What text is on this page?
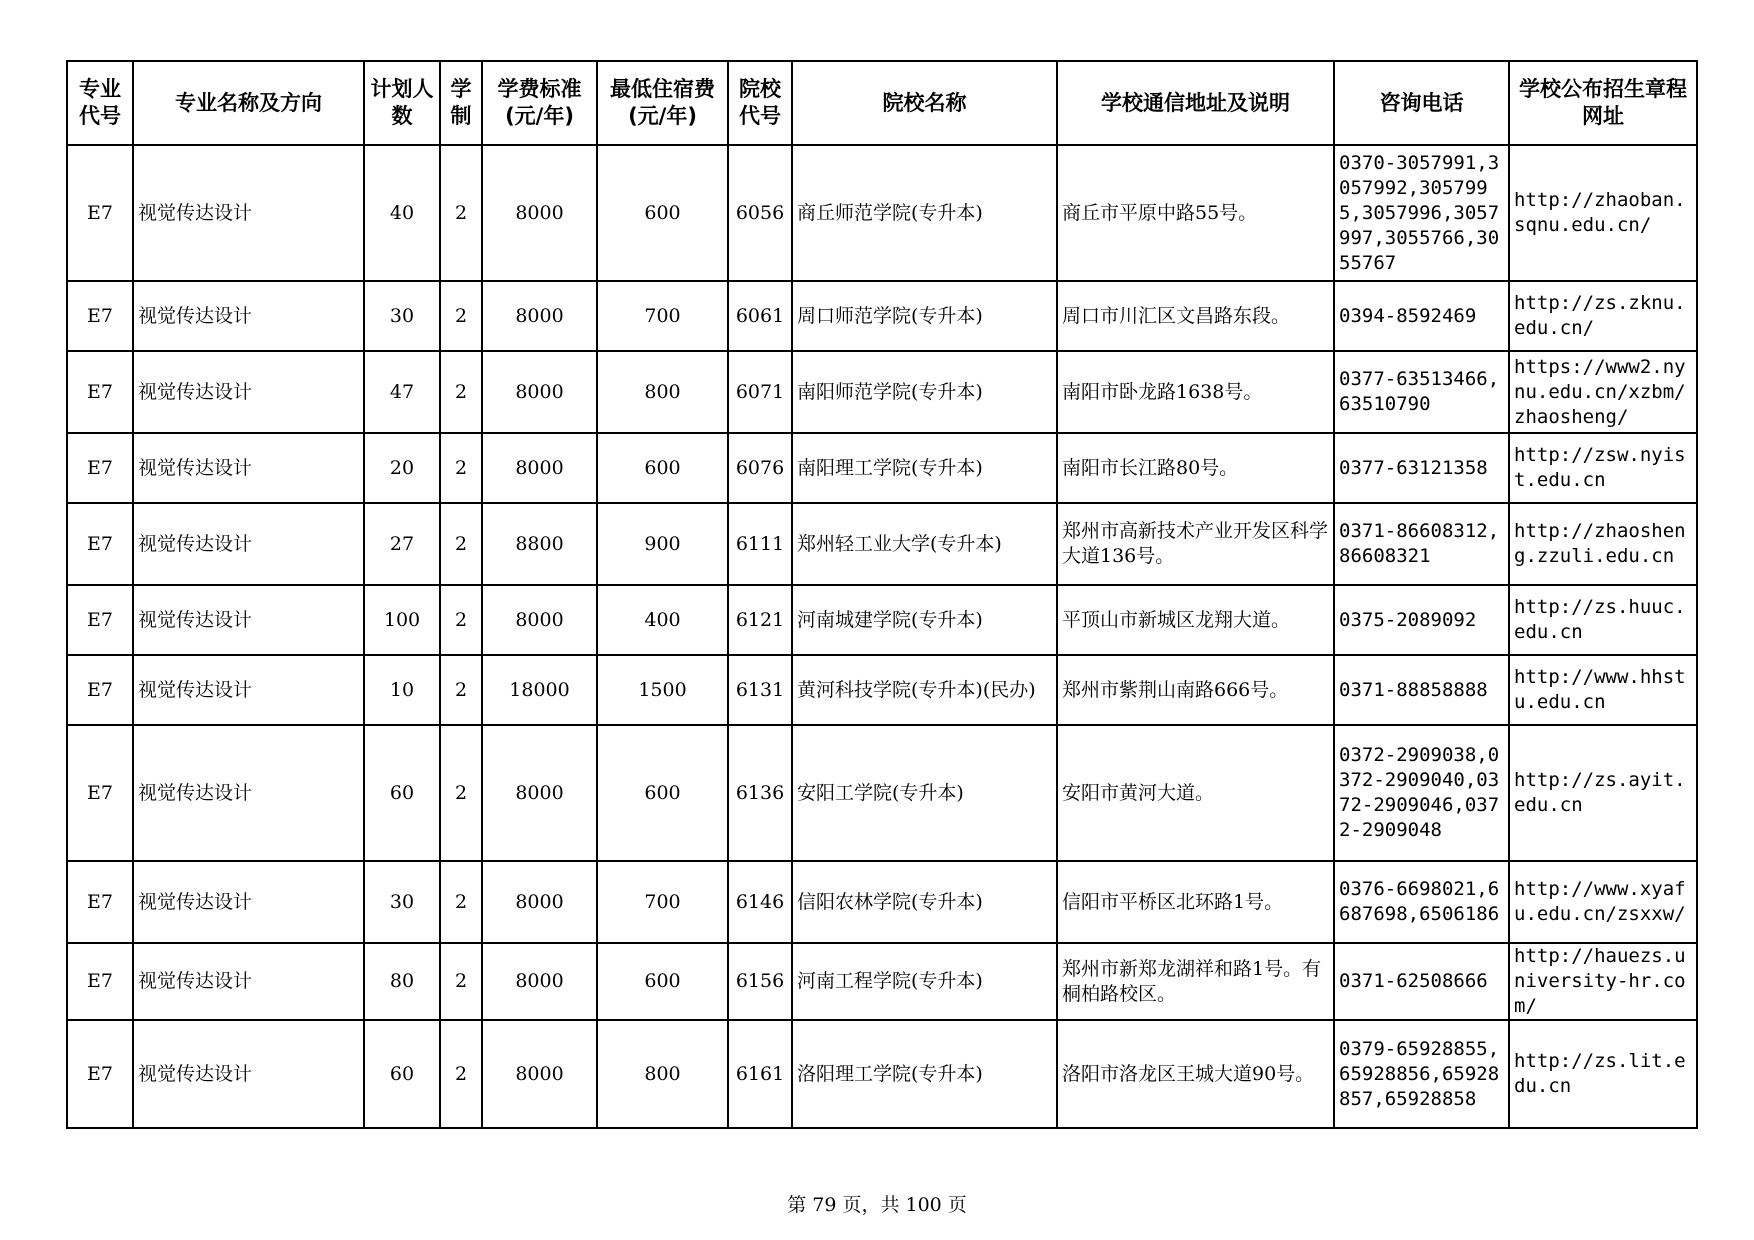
专业代号	专业名称及方向	计划人数	学制	学费标准(元/年)	最低住宿费(元/年)	院校代号	院校名称	学校通信地址及说明	咨询电话	学校公布招生章程网址
E7	视觉传达设计	40	2	8000	600	6056	商丘师范学院(专升本)	商丘市平原中路55号。	0370-3057991,3057992,3057995,3057996,3057997,3055766,3055767	http://zhaoban.sqnu.edu.cn/
E7	视觉传达设计	30	2	8000	700	6061	周口师范学院(专升本)	周口市川汇区文昌路东段。	0394-8592469	http://zs.zknu.edu.cn/
E7	视觉传达设计	47	2	8000	800	6071	南阳师范学院(专升本)	南阳市卧龙路1638号。	0377-63513466,63510790	https://www2.nynu.edu.cn/xzbm/zhaosheng/
E7	视觉传达设计	20	2	8000	600	6076	南阳理工学院(专升本)	南阳市长江路80号。	0377-63121358	http://zsw.nyist.edu.cn
E7	视觉传达设计	27	2	8800	900	6111	郑州轻工业大学(专升本)	郑州市高新技术产业开发区科学大道136号。	0371-86608312,86608321	http://zhaosheng.zzuli.edu.cn
E7	视觉传达设计	100	2	8000	400	6121	河南城建学院(专升本)	平顶山市新城区龙翔大道。	0375-2089092	http://zs.huuc.edu.cn
E7	视觉传达设计	10	2	18000	1500	6131	黄河科技学院(专升本)(民办)	郑州市紫荆山南路666号。	0371-88858888	http://www.hhstu.edu.cn
E7	视觉传达设计	60	2	8000	600	6136	安阳工学院(专升本)	安阳市黄河大道。	0372-2909038,0372-2909040,0372-2909046,0372-2909048	http://zs.ayit.edu.cn
E7	视觉传达设计	30	2	8000	700	6146	信阳农林学院(专升本)	信阳市平桥区北环路1号。	0376-6698021,6687698,6506186	http://www.xyafu.edu.cn/zsxxw/
E7	视觉传达设计	80	2	8000	600	6156	河南工程学院(专升本)	郑州市新郑龙湖祥和路1号。有桐柏路校区。	0371-62508666	http://hauezs.university-hr.com/
E7	视觉传达设计	60	2	8000	800	6161	洛阳理工学院(专升本)	洛阳市洛龙区王城大道90号。	0379-65928855,65928856,65928857,65928858	http://zs.lit.edu.cn
第 79 页，共 100 页
